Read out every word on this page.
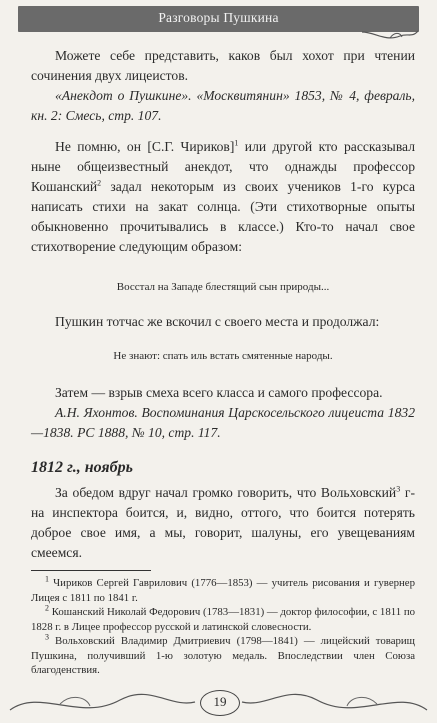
Разговоры Пушкина
Можете себе представить, каков был хохот при чтении сочинения двух лицеистов.
«Анекдот о Пушкине». «Москвитянин» 1853, № 4, февраль, кн. 2: Смесь, стр. 107.
Не помню, он [С.Г. Чириков]$^1$ или другой кто рассказывал ныне общеизвестный анекдот, что однажды профессор Кошанский$^2$ задал некоторым из своих учеников 1-го курса написать стихи на закат солнца. (Эти стихотворные опыты обыкновенно прочитывались в классе.) Кто-то начал свое стихотворение следующим образом:
Восстал на Западе блестящий сын природы...
Пушкин тотчас же вскочил с своего места и продолжал:
Не знают: спать иль встать смятенные народы.
Затем — взрыв смеха всего класса и самого профессора.
А.Н. Яхонтов. Воспоминания Царскосельского лицеиста 1832—1838. РС 1888, № 10, стр. 117.
1812 г., ноябрь
За обедом вдруг начал громко говорить, что Вольховский$^3$ г-на инспектора боится, и, видно, оттого, что боится потерять доброе свое имя, а мы, говорит, шалуны, его увещеваниям смеемся.
$^1$ Чириков Сергей Гаврилович (1776—1853) — учитель рисования и гувернер Лицея с 1811 по 1841 г.
$^2$ Кошанский Николай Федорович (1783—1831) — доктор философии, с 1811 по 1828 г. в Лицее профессор русской и латинской словесности.
$^3$ Вольховский Владимир Дмитриевич (1798—1841) — лицейский товарищ Пушкина, получивший 1-ю золотую медаль. Впоследствии член Союза благоденствия.
19
